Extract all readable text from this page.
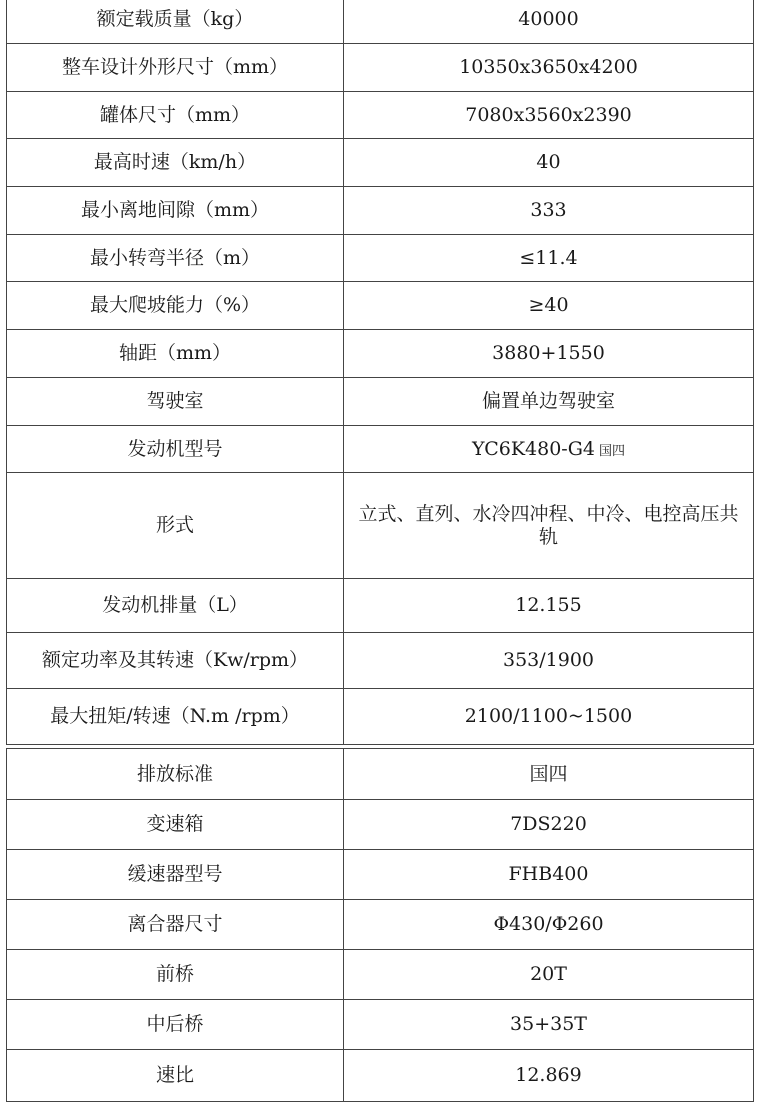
额定载质量（kg）	40000
整车设计外形尺寸（mm）	10350x3650x4200
罐体尺寸（mm）	7080x3560x2390
最高时速（km/h）	40
最小离地间隙（mm）	333
最小转弯半径（m）	≤11.4
最大爬坡能力（%）	≥40
轴距（mm）	3880+1550
驾驶室	偏置单边驾驶室
发动机型号	YC6K480-G4 国四
形式	立式、直列、水冷四冲程、中冷、电控高压共轨
发动机排量（L）	12.155
额定功率及其转速（Kw/rpm）	353/1900
最大扭矩/转速（N.m /rpm）	2100/1100~1500
排放标准	国四
变速箱	7DS220
缓速器型号	FHB400
离合器尺寸	Φ430/Φ260
前桥	20T
中后桥	35+35T
速比	12.869
